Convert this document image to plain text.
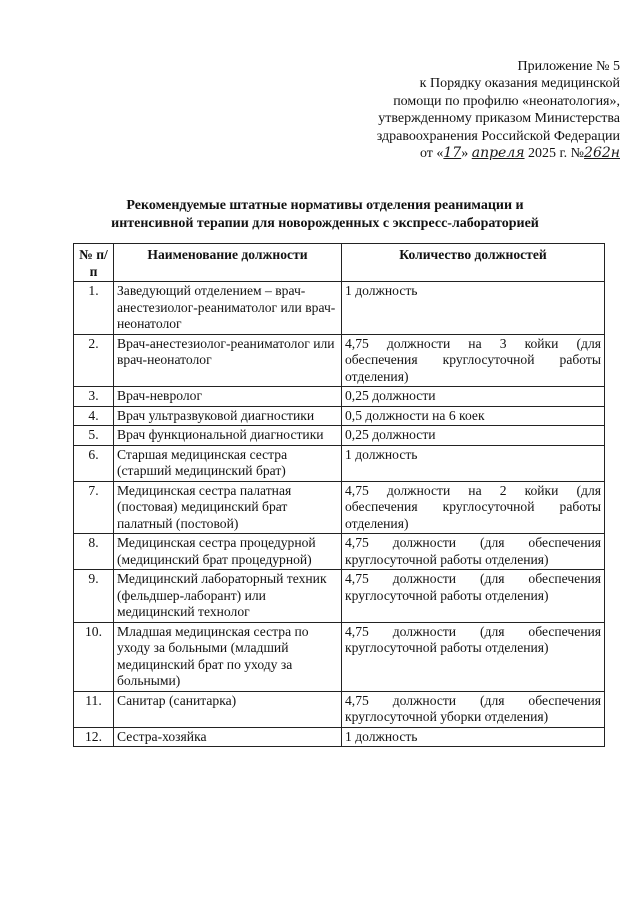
Приложение № 5
к Порядку оказания медицинской
помощи по профилю «неонатология»,
утвержденному приказом Министерства
здравоохранения Российской Федерации
от «17» апреля 2025 г. №262н
Рекомендуемые штатные нормативы отделения реанимации и
интенсивной терапии для новорожденных с экспресс-лабораторией
№ п/п	Наименование должности	Количество должностей
1.	Заведующий отделением – врач-анестезиолог-реаниматолог или врач-неонатолог	1 должность
2.	Врач-анестезиолог-реаниматолог или врач-неонатолог	4,75 должности на 3 койки (для обеспечения круглосуточной работы отделения)
3.	Врач-невролог	0,25 должности
4.	Врач ультразвуковой диагностики	0,5 должности на 6 коек
5.	Врач функциональной диагностики	0,25 должности
6.	Старшая медицинская сестра (старший медицинский брат)	1 должность
7.	Медицинская сестра палатная (постовая) медицинский брат палатный (постовой)	4,75 должности на 2 койки (для обеспечения круглосуточной работы отделения)
8.	Медицинская сестра процедурной (медицинский брат процедурной)	4,75 должности (для обеспечения круглосуточной работы отделения)
9.	Медицинский лабораторный техник (фельдшер-лаборант) или медицинский технолог	4,75 должности (для обеспечения круглосуточной работы отделения)
10.	Младшая медицинская сестра по уходу за больными (младший медицинский брат по уходу за больными)	4,75 должности (для обеспечения круглосуточной работы отделения)
11.	Санитар (санитарка)	4,75 должности (для обеспечения круглосуточной уборки отделения)
12.	Сестра-хозяйка	1 должность
